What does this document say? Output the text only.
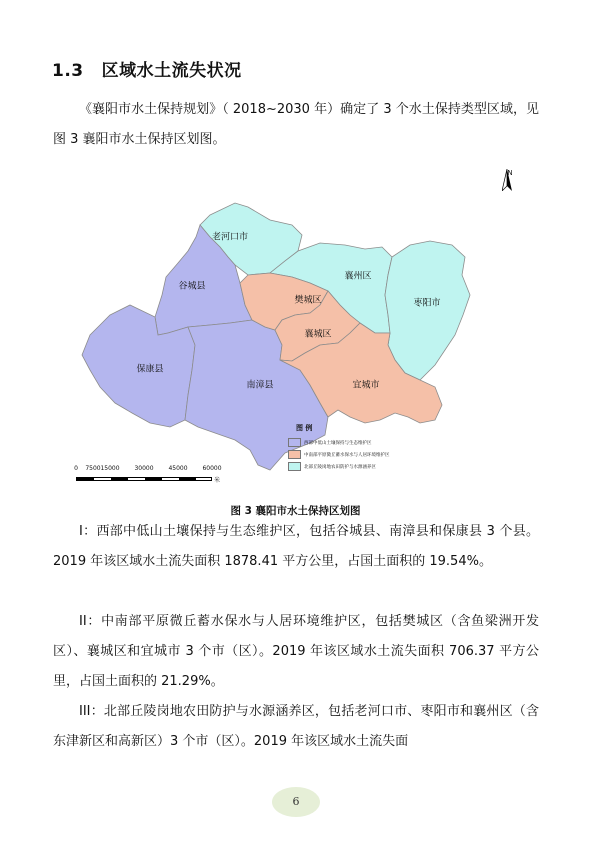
1.3 区域水土流失状况
《襄阳市水土保持规划》（ 2018~2030 年）确定了 3 个水土保持类型区域，见图 3 襄阳市水土保持区划图。
N
老河口市
襄州区
枣阳市
谷城县
樊城区
襄城区
保康县
南漳县	宜城市
0 7500 15000 30000 45000 60000
米
图 例
西部中低山土壤保持与生态维护区
中南部平原微丘蓄水保水与人居环境维护区
北部丘陵岗地农田防护与水源涵养区
图 3 襄阳市水土保持区划图
I：西部中低山土壤保持与生态维护区，包括谷城县、南漳县和保康县 3 个县。2019 年该区域水土流失面积 1878.41 平方公里，占国土面积的 19.54%。
II：中南部平原微丘蓄水保水与人居环境维护区，包括樊城区（含鱼梁洲开发区）、襄城区和宜城市 3 个市（区）。2019 年该区域水土流失面积 706.37 平方公里，占国土面积的 21.29%。
III：北部丘陵岗地农田防护与水源涵养区，包括老河口市、枣阳市和襄州区（含东津新区和高新区）3 个市（区）。2019 年该区域水土流失面
6
